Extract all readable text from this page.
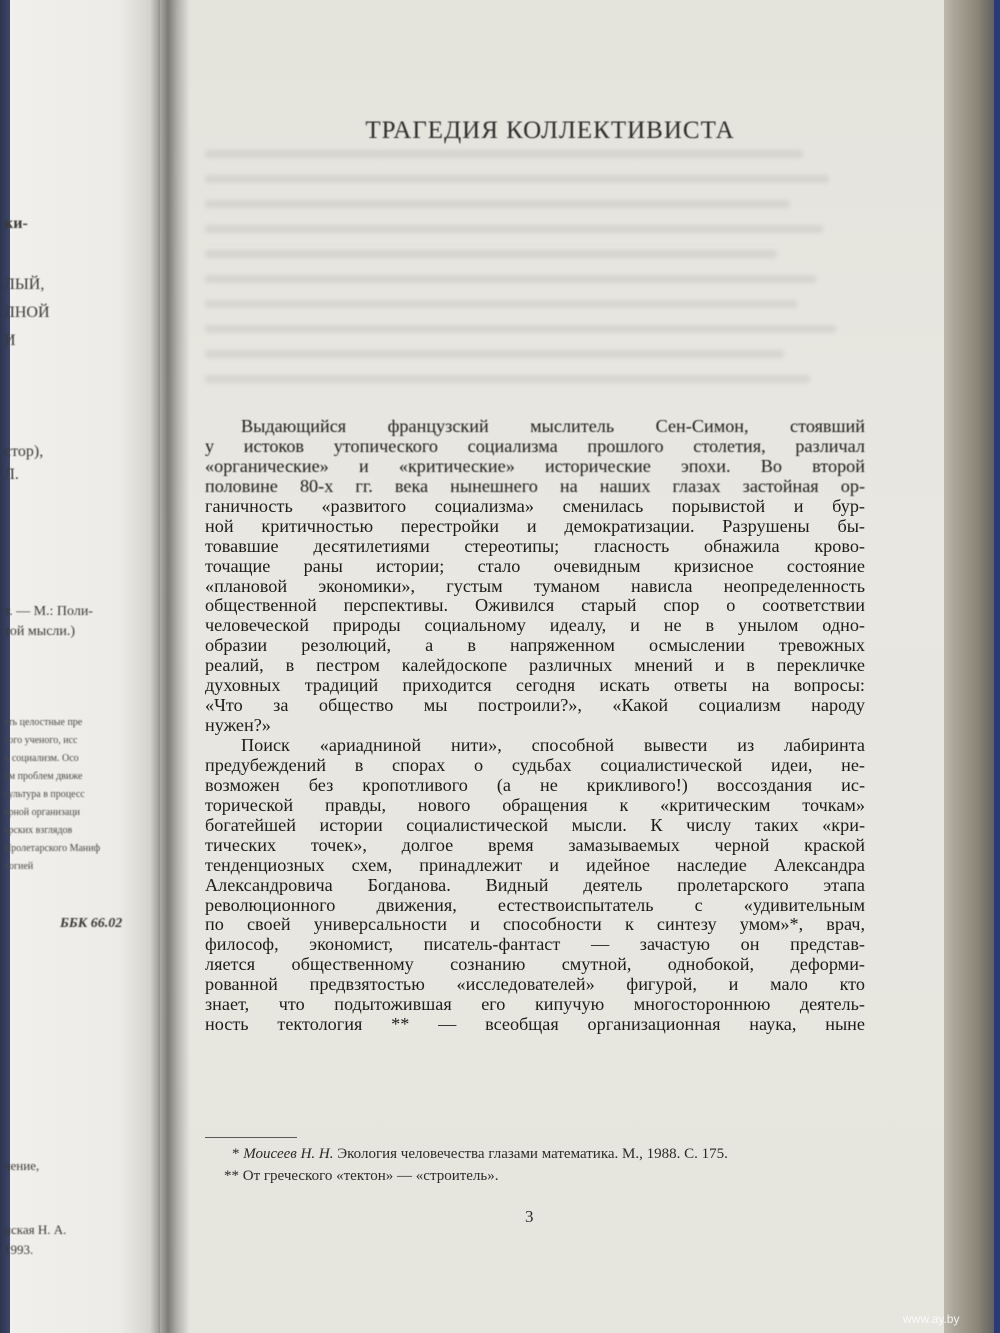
ки-
ЛЫЙ,
ЛНОЙ
И
стор),
Л.
т. — М.: Поли-
той мысли.)
ать целостные пре
того ученого, исс
и социализм. Осо
ом проблем движе
сультура в процесс
ерной организаци
ерских взглядов
Пролетарского Маниф
логией
ББК 66.02
чение,
нская Н. А.
1993.
ТРАГЕДИЯ КОЛЛЕКТИВИСТА
Выдающийся французский мыслитель Сен-Симон, стоявший
у истоков утопического социализма прошлого столетия, различал
«органические» и «критические» исторические эпохи. Во второй
половине 80-х гг. века нынешнего на наших глазах застойная ор-
ганичность «развитого социализма» сменилась порывистой и бур-
ной критичностью перестройки и демократизации. Разрушены бы-
товавшие десятилетиями стереотипы; гласность обнажила крово-
точащие раны истории; стало очевидным кризисное состояние
«плановой экономики», густым туманом нависла неопределенность
общественной перспективы. Оживился старый спор о соответствии
человеческой природы социальному идеалу, и не в унылом одно-
образии резолюций, а в напряженном осмыслении тревожных
реалий, в пестром калейдоскопе различных мнений и в перекличке
духовных традиций приходится сегодня искать ответы на вопросы:
«Что за общество мы построили?», «Какой социализм народу
нужен?»
Поиск «ариадниной нити», способной вывести из лабиринта
предубеждений в спорах о судьбах социалистической идеи, не-
возможен без кропотливого (а не крикливого!) воссоздания ис-
торической правды, нового обращения к «критическим точкам»
богатейшей истории социалистической мысли. К числу таких «кри-
тических точек», долгое время замазываемых черной краской
тенденциозных схем, принадлежит и идейное наследие Александра
Александровича Богданова. Видный деятель пролетарского этапа
революционного движения, естествоиспытатель с «удивительным
по своей универсальности и способности к синтезу умом»*, врач,
философ, экономист, писатель-фантаст — зачастую он представ-
ляется общественному сознанию смутной, однобокой, деформи-
рованной предвзятостью «исследователей» фигурой, и мало кто
знает, что подытожившая его кипучую многостороннюю деятель-
ность тектология ** — всеобщая организационная наука, ныне
* Моисеев Н. Н. Экология человечества глазами математика. М., 1988. С. 175.
** От греческого «тектон» — «строитель».
3
www.ay.by
